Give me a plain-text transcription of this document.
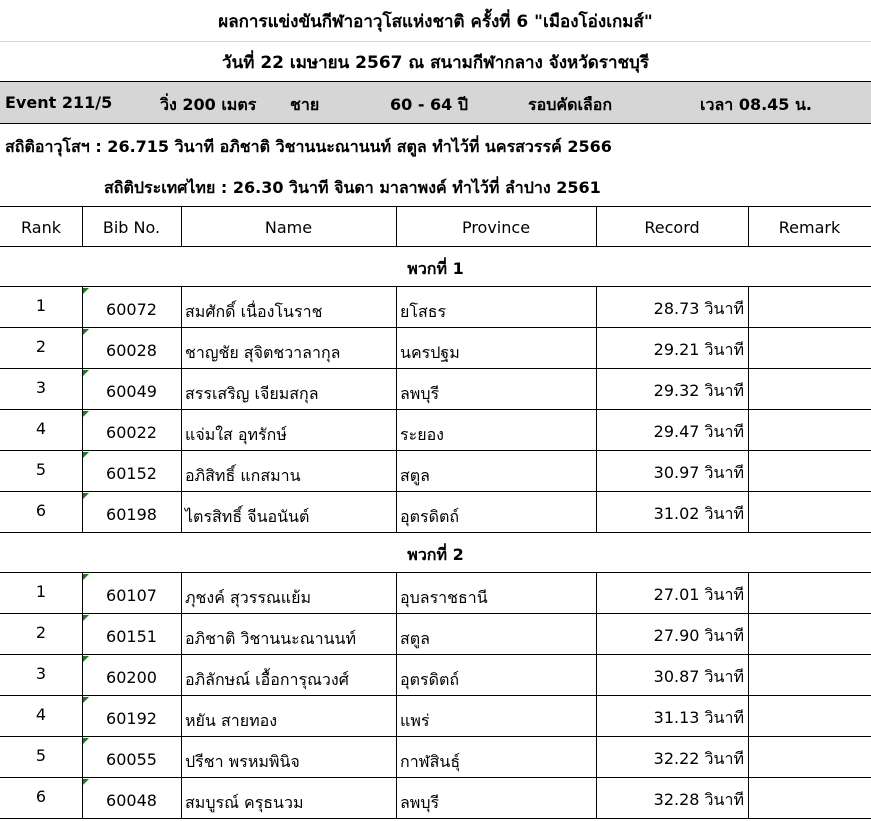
ผลการแข่งขันกีฬาอาวุโสแห่งชาติ ครั้งที่ 6 "เมืองโอ่งเกมส์"
วันที่ 22 เมษายน 2567 ณ สนามกีฬากลาง จังหวัดราชบุรี
Event 211/5	วิ่ง 200 เมตร ชาย	60 - 64 ปี	รอบคัดเลือก	เวลา 08.45 น.
สถิติอาวุโสฯ : 26.715 วินาที อภิชาติ วิชานนะณานนท์ สตูล ทำไว้ที่ นครสวรรค์ 2566
สถิติประเทศไทย : 26.30 วินาที จินดา มาลาพงค์ ทำไว้ที่ ลำปาง 2561
Rank	Bib No.	Name	Province	Record	Remark
พวกที่ 1
1	60072	สมศักดิ์ เนื่องโนราช	ยโสธร	28.73 วินาที
2	60028	ชาญชัย สุจิตชวาลากุล	นครปฐม	29.21 วินาที
3	60049	สรรเสริญ เจียมสกุล	ลพบุรี	29.32 วินาที
4	60022	แจ่มใส อุทรักษ์	ระยอง	29.47 วินาที
5	60152	อภิสิทธิ์ แกสมาน	สตูล	30.97 วินาที
6	60198	ไตรสิทธิ์ จีนอนันต์	อุตรดิตถ์	31.02 วินาที
พวกที่ 2
1	60107	ภุชงค์ สุวรรณแย้ม	อุบลราชธานี	27.01 วินาที
2	60151	อภิชาติ วิชานนะณานนท์	สตูล	27.90 วินาที
3	60200	อภิลักษณ์ เอื้อการุณวงศ์	อุตรดิตถ์	30.87 วินาที
4	60192	หยัน สายทอง	แพร่	31.13 วินาที
5	60055	ปรีชา พรหมพินิจ	กาฬสินธุ์	32.22 วินาที
6	60048	สมบูรณ์ ครุธนวม	ลพบุรี	32.28 วินาที
